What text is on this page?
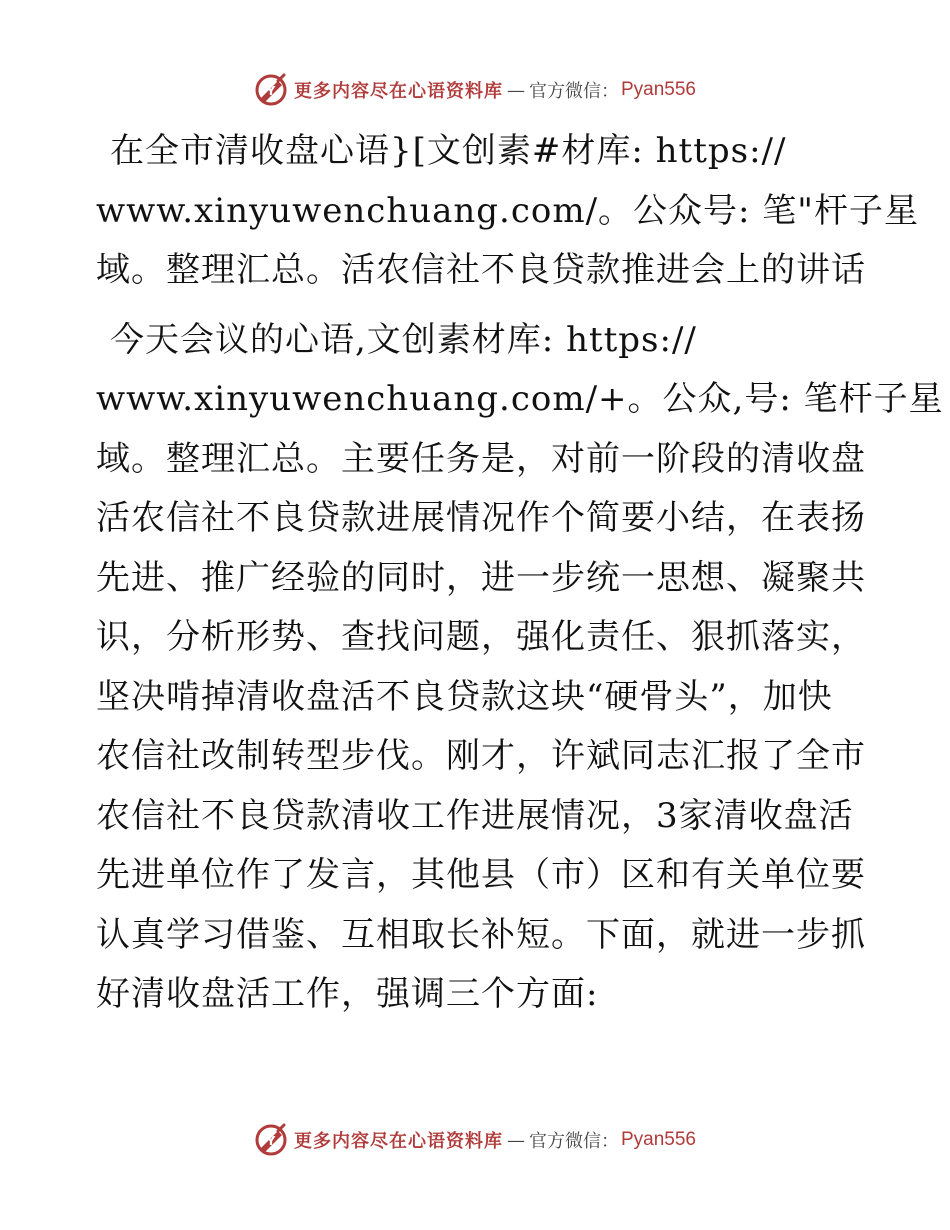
Y 更多内容尽在心语资料库 — 官方微信： Pyan556
在全市清收盘心语}[文创素#材库: https://
www.xinyuwenchuang.com/。公众号: 笔"杆子星
域。整理汇总。活农信社不良贷款推进会上的讲话
今天会议的心语,文创素材库: https://
www.xinyuwenchuang.com/+。公众,号: 笔杆子星
域。整理汇总。主要任务是，对前一阶段的清收盘
活农信社不良贷款进展情况作个简要小结，在表扬
先进、推广经验的同时，进一步统一思想、凝聚共
识，分析形势、查找问题，强化责任、狠抓落实，
坚决啃掉清收盘活不良贷款这块“硬骨头”，加快
农信社改制转型步伐。刚才，许斌同志汇报了全市
农信社不良贷款清收工作进展情况，3家清收盘活
先进单位作了发言，其他县（市）区和有关单位要
认真学习借鉴、互相取长补短。下面，就进一步抓
好清收盘活工作，强调三个方面:
Y 更多内容尽在心语资料库 — 官方微信： Pyan556
